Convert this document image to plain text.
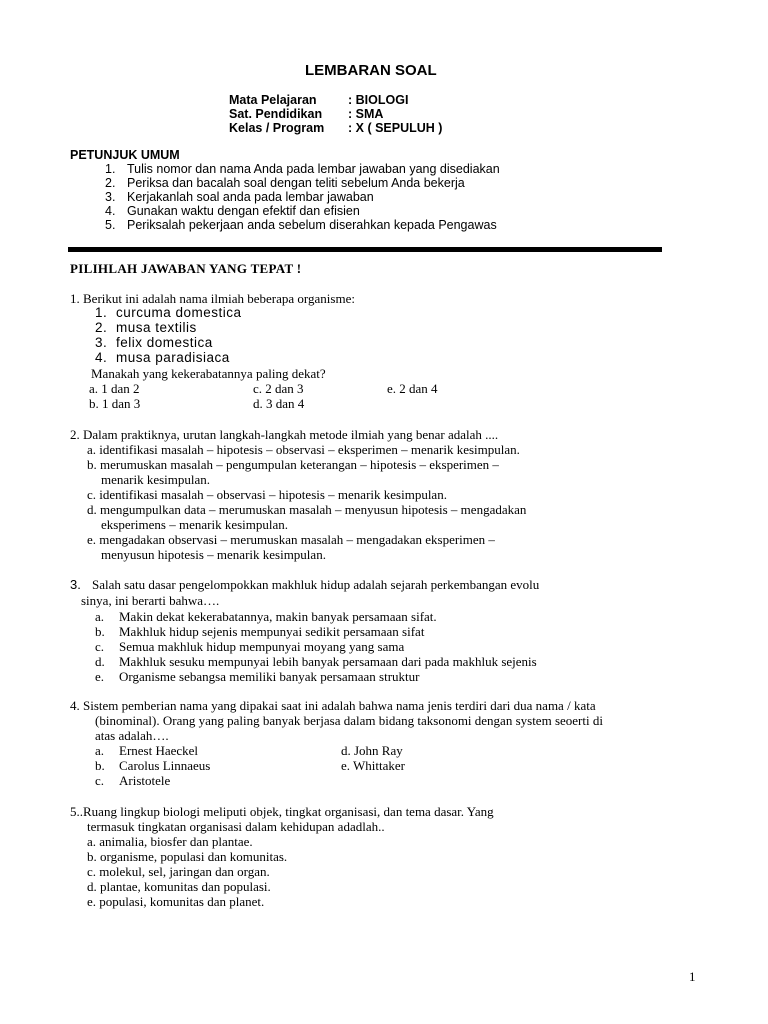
LEMBARAN SOAL
Mata Pelajaran	: BIOLOGI
Sat. Pendidikan : SMA
Kelas / Program : X ( SEPULUH )
PETUNJUK UMUM
1. Tulis nomor dan nama Anda pada lembar jawaban yang disediakan
2. Periksa dan bacalah soal dengan teliti sebelum Anda bekerja
3. Kerjakanlah soal anda pada lembar jawaban
4. Gunakan waktu dengan efektif dan efisien
5. Periksalah pekerjaan anda sebelum diserahkan kepada Pengawas
PILIHLAH JAWABAN YANG TEPAT !
1. Berikut ini adalah nama ilmiah beberapa organisme:
1. curcuma domestica
2. musa textilis
3. felix domestica
4. musa paradisiaca
Manakah yang kekerabatannya paling dekat?
a. 1 dan 2	c. 2 dan 3	e. 2 dan 4
b. 1 dan 3	d. 3 dan 4
2. Dalam praktiknya, urutan langkah-langkah metode ilmiah yang benar adalah ....
a. identifikasi masalah – hipotesis – observasi – eksperimen – menarik kesimpulan.
b. merumuskan masalah – pengumpulan keterangan – hipotesis – eksperimen –
menarik kesimpulan.
c. identifikasi masalah – observasi – hipotesis – menarik kesimpulan.
d. mengumpulkan data – merumuskan masalah – menyusun hipotesis – mengadakan
eksperimens – menarik kesimpulan.
e. mengadakan observasi – merumuskan masalah – mengadakan eksperimen –
menyusun hipotesis – menarik kesimpulan.
3. Salah satu dasar pengelompokkan makhluk hidup adalah sejarah perkembangan evolu
sinya, ini berarti bahwa….
a. Makin dekat kekerabatannya, makin banyak persamaan sifat.
b. Makhluk hidup sejenis mempunyai sedikit persamaan sifat
c. Semua makhluk hidup mempunyai moyang yang sama
d. Makhluk sesuku mempunyai lebih banyak persamaan dari pada makhluk sejenis
e. Organisme sebangsa memiliki banyak persamaan struktur
4. Sistem pemberian nama yang dipakai saat ini adalah bahwa nama jenis terdiri dari dua nama / kata
(binominal). Orang yang paling banyak berjasa dalam bidang taksonomi dengan system seoerti di
atas adalah….
a. Ernest Haeckel	d. John Ray
b. Carolus Linnaeus	e. Whittaker
c. Aristotele
5..Ruang lingkup biologi meliputi objek, tingkat organisasi, dan tema dasar. Yang
termasuk tingkatan organisasi dalam kehidupan adadlah..
a. animalia, biosfer dan plantae.
b. organisme, populasi dan komunitas.
c. molekul, sel, jaringan dan organ.
d. plantae, komunitas dan populasi.
e. populasi, komunitas dan planet.
1
